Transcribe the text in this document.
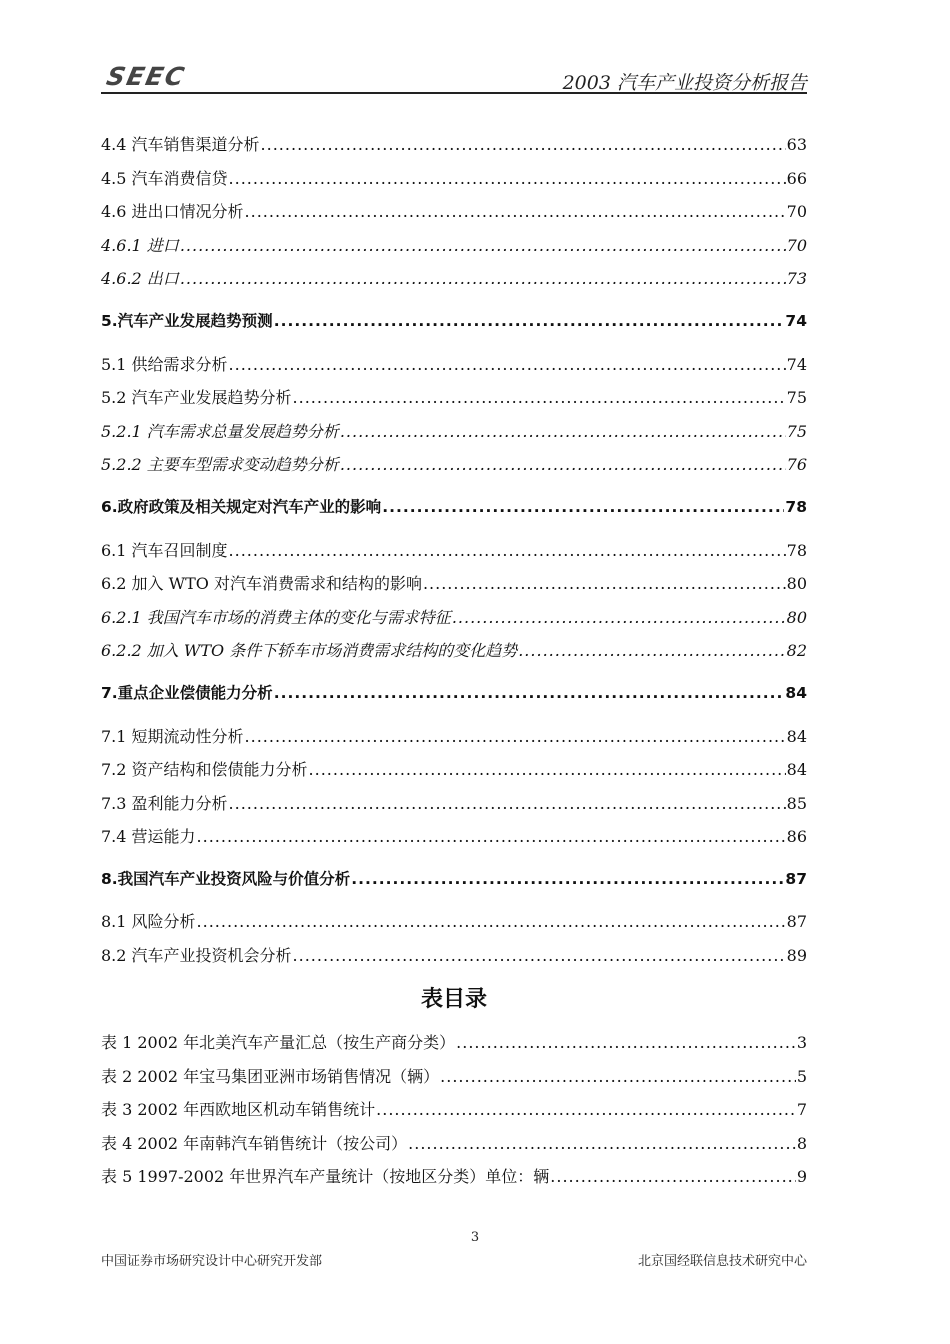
SEEC	2003 汽车产业投资分析报告
4.4 汽车销售渠道分析 .....	63
4.5 汽车消费信贷 .....	66
4.6 进出口情况分析 .....	70
4.6.1 进口 .....	70
4.6.2 出口 .....	73
5.汽车产业发展趋势预测 .....	74
5.1 供给需求分析 .....	74
5.2 汽车产业发展趋势分析 .....	75
5.2.1 汽车需求总量发展趋势分析 .....	75
5.2.2 主要车型需求变动趋势分析 .....	76
6.政府政策及相关规定对汽车产业的影响 .....	78
6.1 汽车召回制度 .....	78
6.2 加入 WTO 对汽车消费需求和结构的影响 .....	80
6.2.1 我国汽车市场的消费主体的变化与需求特征 .....	80
6.2.2 加入 WTO 条件下轿车市场消费需求结构的变化趋势 .....	82
7.重点企业偿债能力分析 .....	84
7.1 短期流动性分析 .....	84
7.2 资产结构和偿债能力分析 .....	84
7.3 盈利能力分析 .....	85
7.4 营运能力 .....	86
8.我国汽车产业投资风险与价值分析 .....	87
8.1 风险分析 .....	87
8.2 汽车产业投资机会分析 .....	89
表目录
表 1 2002 年北美汽车产量汇总（按生产商分类） .....	3
表 2 2002 年宝马集团亚洲市场销售情况（辆） .....	5
表 3 2002 年西欧地区机动车销售统计 .....	7
表 4 2002 年南韩汽车销售统计（按公司） .....	8
表 5 1997-2002 年世界汽车产量统计（按地区分类）单位：辆 .....	9
3
中国证券市场研究设计中心研究开发部	北京国经联信息技术研究中心
